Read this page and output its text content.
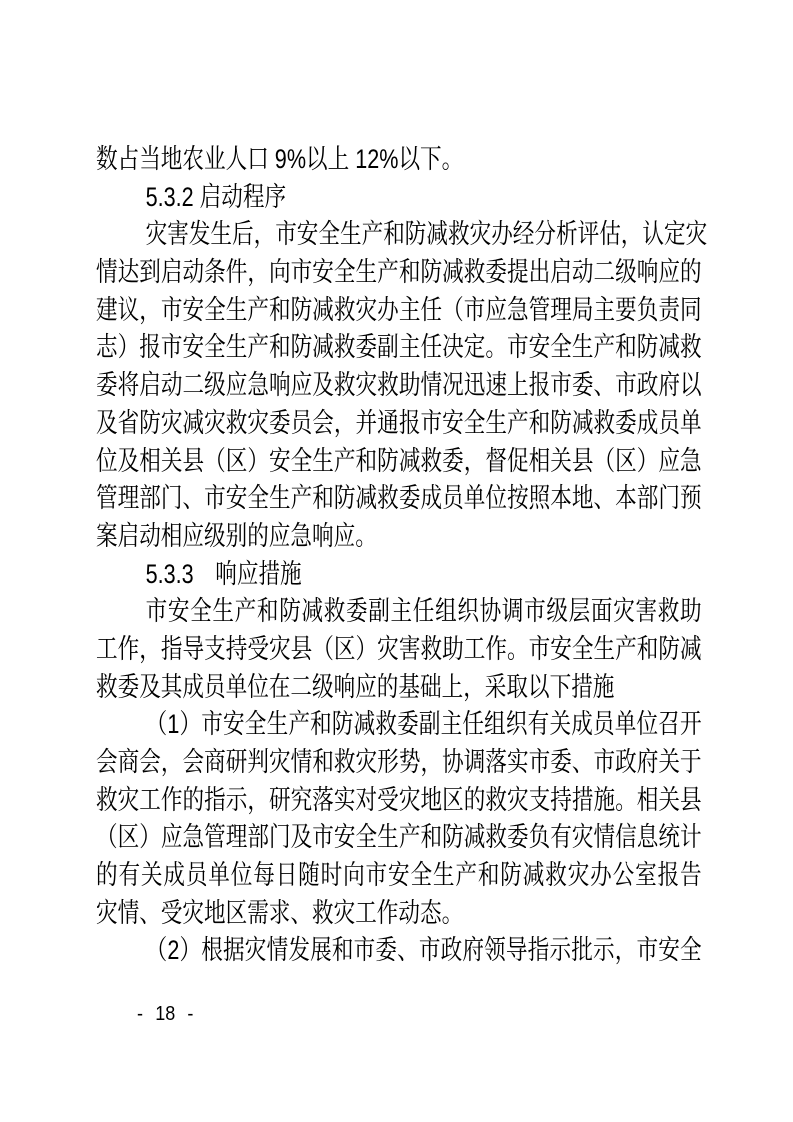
数占当地农业人口 9%以上 12%以下。
5.3.2 启动程序
灾害发生后，市安全生产和防减救灾办经分析评估，认定灾
情达到启动条件，向市安全生产和防减救委提出启动二级响应的
建议，市安全生产和防减救灾办主任（市应急管理局主要负责同
志）报市安全生产和防减救委副主任决定。市安全生产和防减救
委将启动二级应急响应及救灾救助情况迅速上报市委、市政府以
及省防灾减灾救灾委员会，并通报市安全生产和防减救委成员单
位及相关县（区）安全生产和防减救委，督促相关县（区）应急
管理部门、市安全生产和防减救委成员单位按照本地、本部门预
案启动相应级别的应急响应。
5.3.3　响应措施
市安全生产和防减救委副主任组织协调市级层面灾害救助
工作，指导支持受灾县（区）灾害救助工作。市安全生产和防减
救委及其成员单位在二级响应的基础上，采取以下措施
（1）市安全生产和防减救委副主任组织有关成员单位召开
会商会，会商研判灾情和救灾形势，协调落实市委、市政府关于
救灾工作的指示，研究落实对受灾地区的救灾支持措施。相关县
（区）应急管理部门及市安全生产和防减救委负有灾情信息统计
的有关成员单位每日随时向市安全生产和防减救灾办公室报告
灾情、受灾地区需求、救灾工作动态。
（2）根据灾情发展和市委、市政府领导指示批示，市安全
- 18 -
